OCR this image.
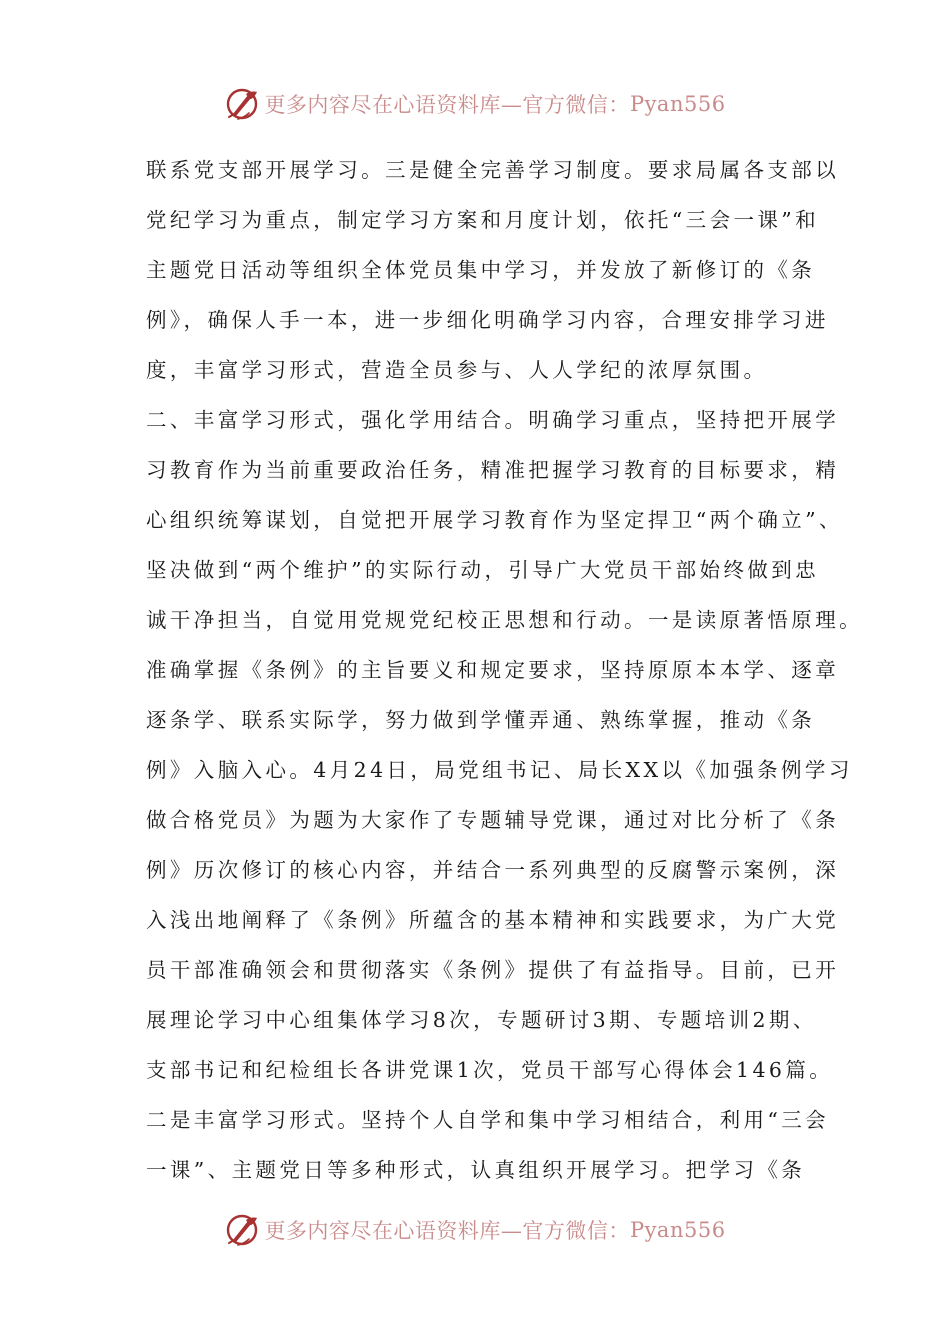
更多内容尽在心语资料库—官方微信： Pyan556
联系党支部开展学习。三是健全完善学习制度。要求局属各支部以
党纪学习为重点，制定学习方案和月度计划，依托“三会一课”和
主题党日活动等组织全体党员集中学习，并发放了新修订的《条
例》，确保人手一本，进一步细化明确学习内容，合理安排学习进
度，丰富学习形式，营造全员参与、人人学纪的浓厚氛围。
二、丰富学习形式，强化学用结合。明确学习重点，坚持把开展学
习教育作为当前重要政治任务，精准把握学习教育的目标要求，精
心组织统筹谋划，自觉把开展学习教育作为坚定捍卫“两个确立”、
坚决做到“两个维护”的实际行动，引导广大党员干部始终做到忠
诚干净担当，自觉用党规党纪校正思想和行动。一是读原著悟原理。
准确掌握《条例》的主旨要义和规定要求，坚持原原本本学、逐章
逐条学、联系实际学，努力做到学懂弄通、熟练掌握，推动《条
例》入脑入心。4月24日，局党组书记、局长XX以《加强条例学习
做合格党员》为题为大家作了专题辅导党课，通过对比分析了《条
例》历次修订的核心内容，并结合一系列典型的反腐警示案例，深
入浅出地阐释了《条例》所蕴含的基本精神和实践要求，为广大党
员干部准确领会和贯彻落实《条例》提供了有益指导。目前，已开
展理论学习中心组集体学习8次，专题研讨3期、专题培训2期、
支部书记和纪检组长各讲党课1次，党员干部写心得体会146篇。
二是丰富学习形式。坚持个人自学和集中学习相结合，利用“三会
一课”、主题党日等多种形式，认真组织开展学习。把学习《条
更多内容尽在心语资料库—官方微信： Pyan556
